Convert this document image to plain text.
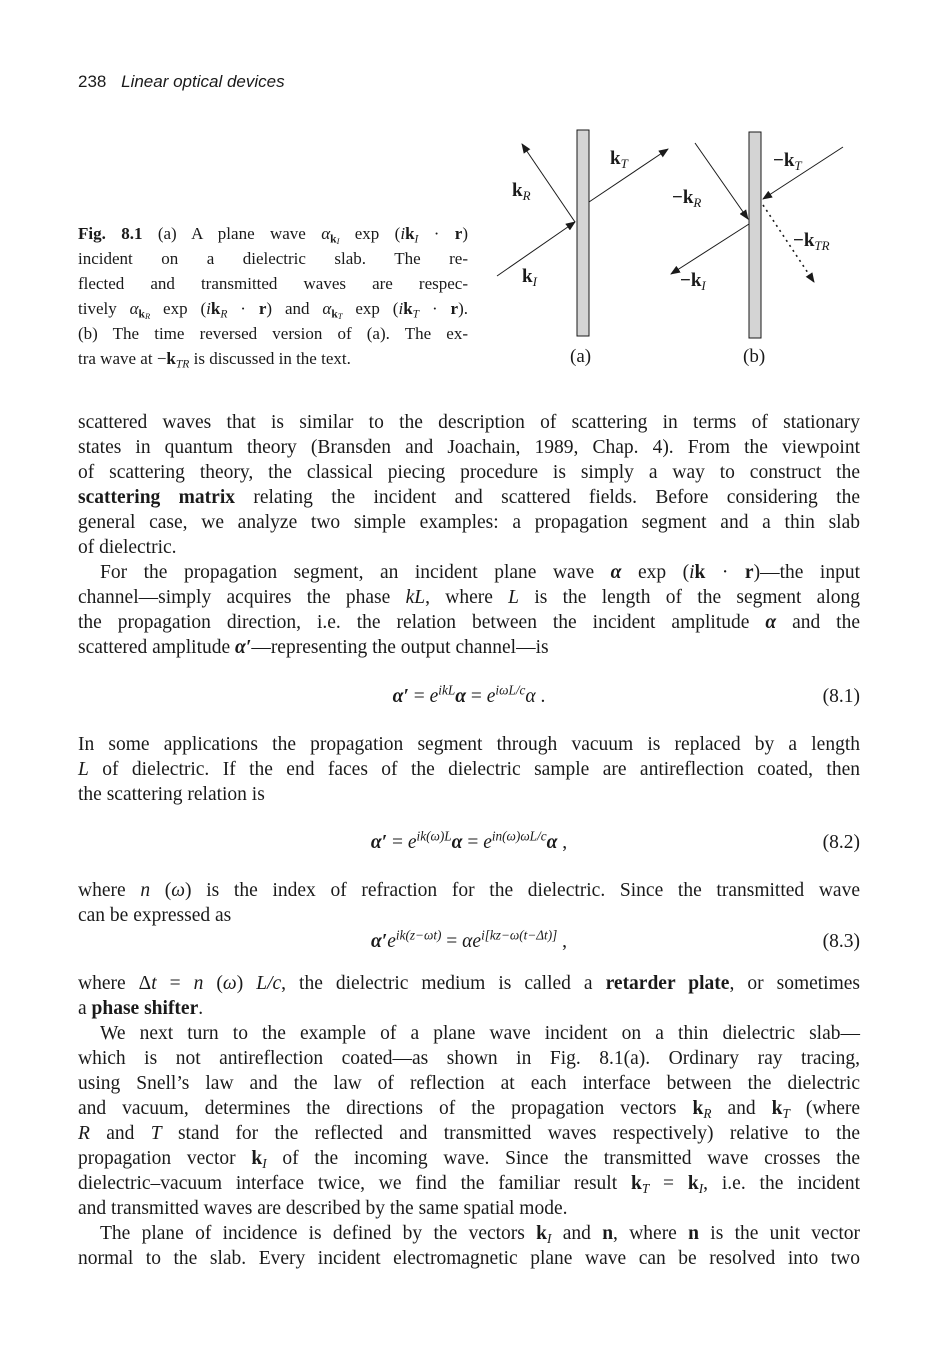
238 Linear optical devices
Fig. 8.1 (a) A plane wave $\alpha_{kI}$ $\exp (ik_I \cdot r)$
incident on a dielectric slab. The re-
flected and transmitted waves are respec-
tively $\alpha_{kR}$ $\exp (ik_R \cdot r)$ and $\alpha_{kT}$ $\exp (ik_T \cdot r)$.
(b) The time reversed version of (a). The ex-
tra wave at $-k_{TR}$ is discussed in the text.
$k_R$
$k_T$
$k_I$
(a)
$-k_R$
$-k_T$
$-k_{TR}$
$-k_I$
(b)
scattered waves that is similar to the description of scattering in terms of stationary
states in quantum theory (Bransden and Joachain, 1989, Chap. 4). From the viewpoint
of scattering theory, the classical piecing procedure is simply a way to construct the
scattering matrix relating the incident and scattered fields. Before considering the
general case, we analyze two simple examples: a propagation segment and a thin slab
of dielectric.
For the propagation segment, an incident plane wave α exp (ik · r)—the input
channel—simply acquires the phase kL, where L is the length of the segment along
the propagation direction, i.e. the relation between the incident amplitude α and the
scattered amplitude α′—representing the output channel—is
$\alpha' = e^{ikL}\alpha = e^{i\omega L/c}\alpha$ .	(8.1)
In some applications the propagation segment through vacuum is replaced by a length
L of dielectric. If the end faces of the dielectric sample are antireflection coated, then
the scattering relation is
$\alpha' = e^{ik(\omega)L}\alpha = e^{in(\omega)\omega L/c}\alpha$ ,	(8.2)
where n (ω) is the index of refraction for the dielectric. Since the transmitted wave
can be expressed as
$\alpha'e^{ik(z-\omega t)} = \alpha e^{i[kz-\omega(t-\Delta t)]}$ ,	(8.3)
where Δt = n (ω) L/c, the dielectric medium is called a retarder plate, or sometimes
a phase shifter.
We next turn to the example of a plane wave incident on a thin dielectric slab—
which is not antireflection coated—as shown in Fig. 8.1(a). Ordinary ray tracing,
using Snell’s law and the law of reflection at each interface between the dielectric
and vacuum, determines the directions of the propagation vectors $k_R$ and $k_T$ (where
R and T stand for the reflected and transmitted waves respectively) relative to the
propagation vector $k_I$ of the incoming wave. Since the transmitted wave crosses the
dielectric–vacuum interface twice, we find the familiar result $k_T = k_I$, i.e. the incident
and transmitted waves are described by the same spatial mode.
The plane of incidence is defined by the vectors $k_I$ and n, where n is the unit vector
normal to the slab. Every incident electromagnetic plane wave can be resolved into two
